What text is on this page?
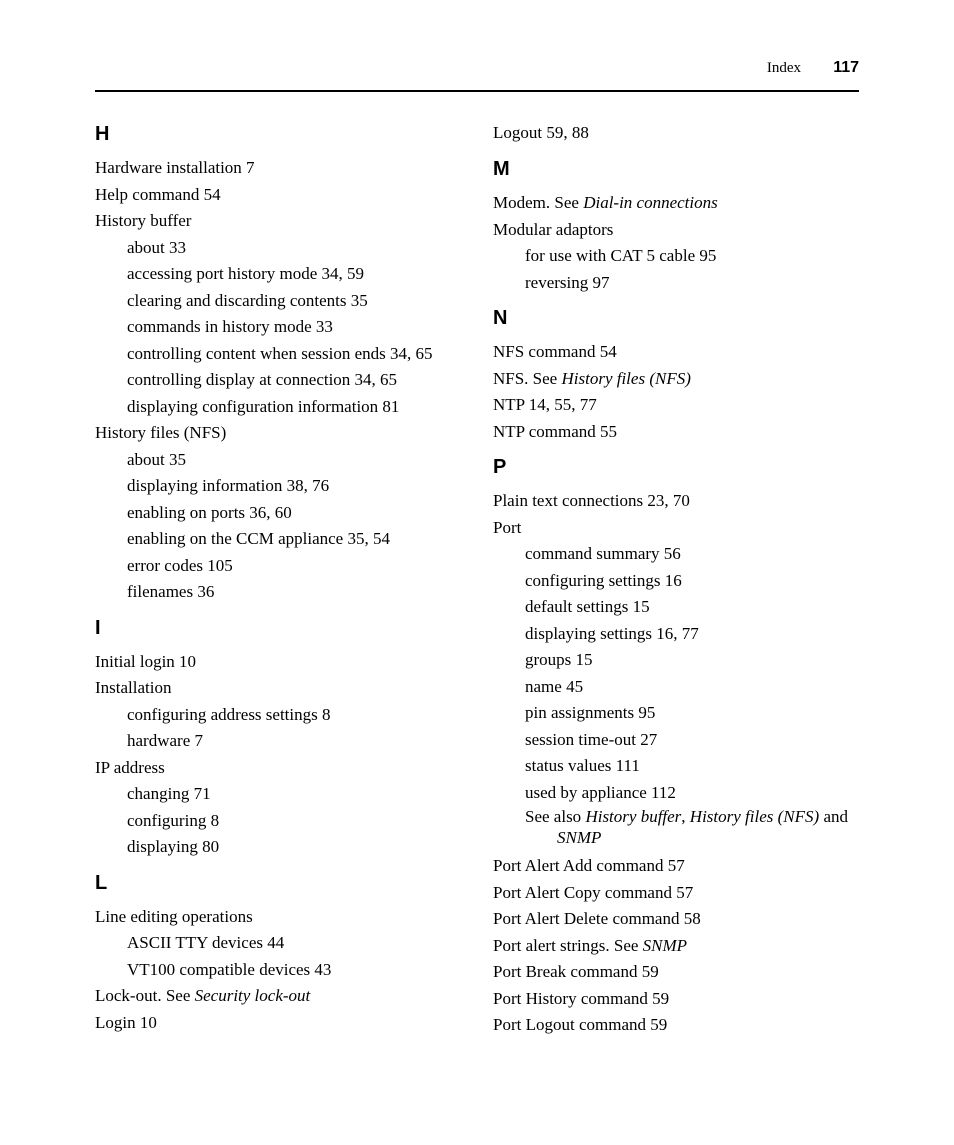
Index 117
H
Hardware installation 7
Help command 54
History buffer
about 33
accessing port history mode 34, 59
clearing and discarding contents 35
commands in history mode 33
controlling content when session ends 34, 65
controlling display at connection 34, 65
displaying configuration information 81
History files (NFS)
about 35
displaying information 38, 76
enabling on ports 36, 60
enabling on the CCM appliance 35, 54
error codes 105
filenames 36
I
Initial login 10
Installation
configuring address settings 8
hardware 7
IP address
changing 71
configuring 8
displaying 80
L
Line editing operations
ASCII TTY devices 44
VT100 compatible devices 43
Lock-out. See Security lock-out
Login 10
Logout 59, 88
M
Modem. See Dial-in connections
Modular adaptors
for use with CAT 5 cable 95
reversing 97
N
NFS command 54
NFS. See History files (NFS)
NTP 14, 55, 77
NTP command 55
P
Plain text connections 23, 70
Port
command summary 56
configuring settings 16
default settings 15
displaying settings 16, 77
groups 15
name 45
pin assignments 95
session time-out 27
status values 111
used by appliance 112
See also History buffer, History files (NFS) and
SNMP
Port Alert Add command 57
Port Alert Copy command 57
Port Alert Delete command 58
Port alert strings. See SNMP
Port Break command 59
Port History command 59
Port Logout command 59
